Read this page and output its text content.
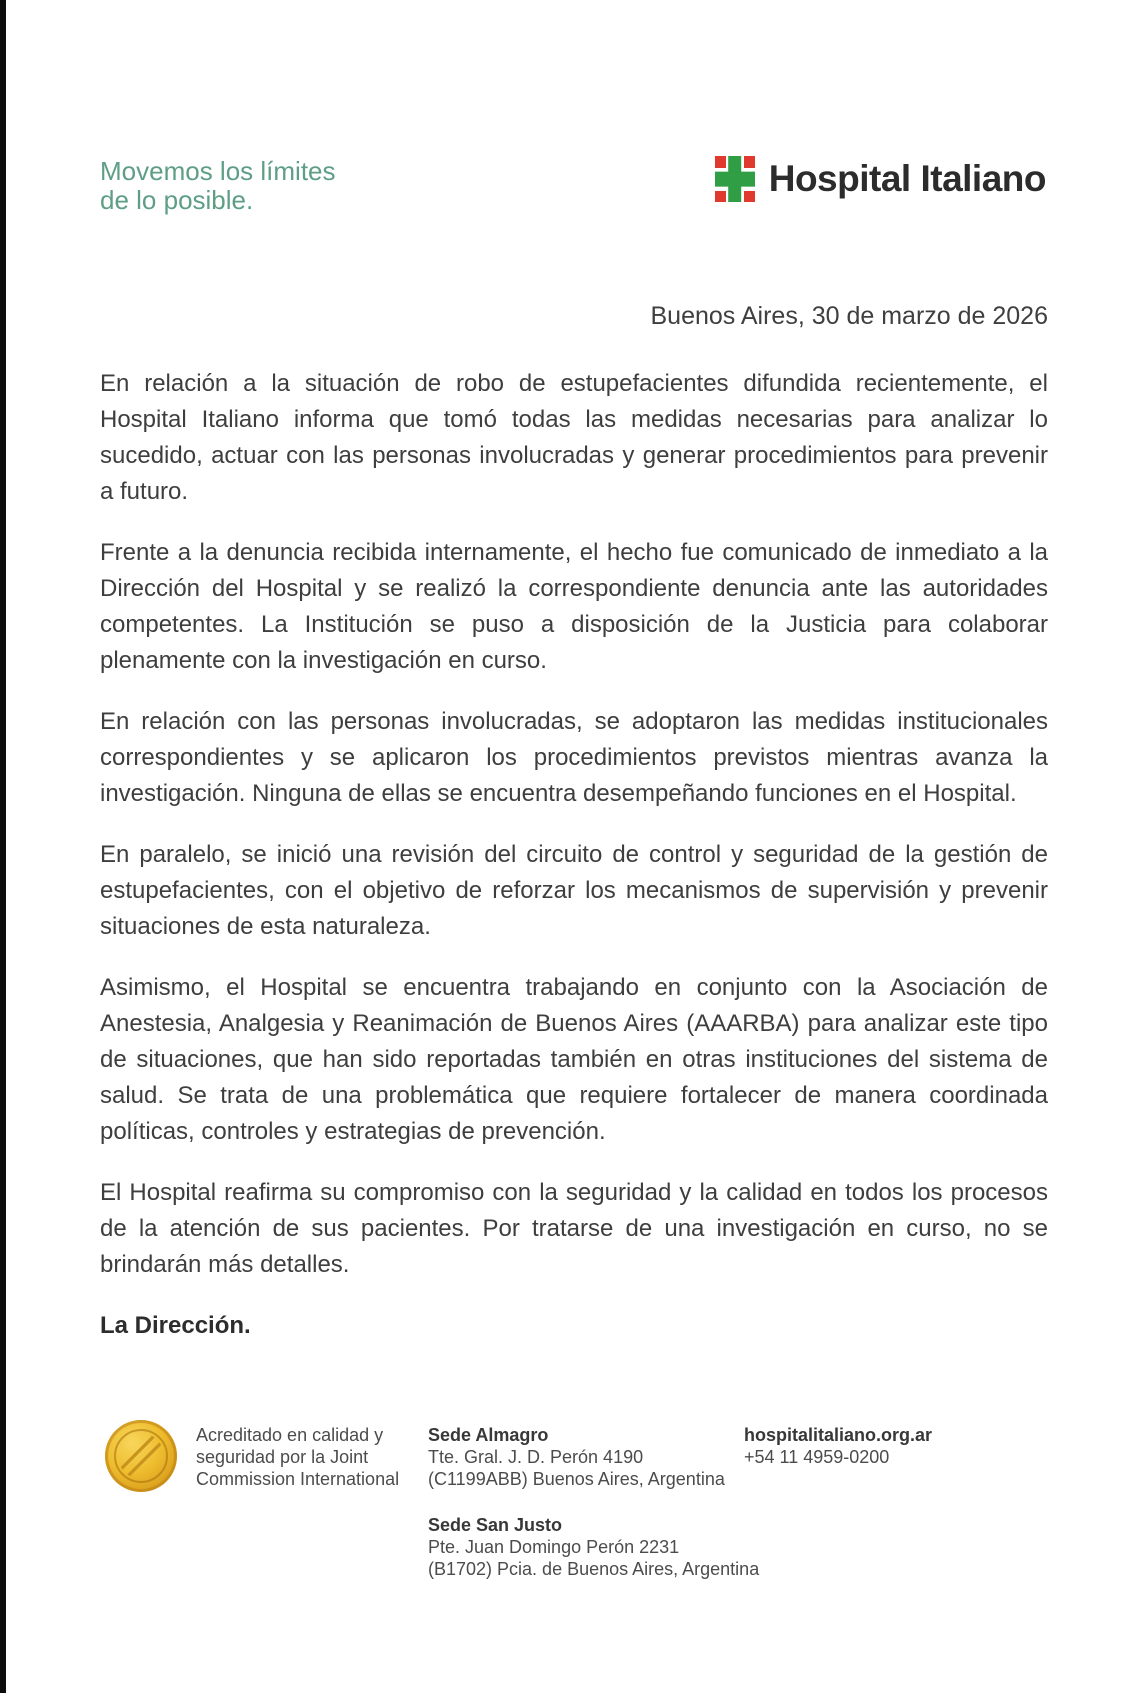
Movemos los límites
de lo posible.
Hospital Italiano
Buenos Aires, 30 de marzo de 2026

En relación a la situación de robo de estupefacientes difundida recientemente, el Hospital Italiano informa que tomó todas las medidas necesarias para analizar lo sucedido, actuar con las personas involucradas y generar procedimientos para prevenir a futuro.

Frente a la denuncia recibida internamente, el hecho fue comunicado de inmediato a la Dirección del Hospital y se realizó la correspondiente denuncia ante las autoridades competentes. La Institución se puso a disposición de la Justicia para colaborar plenamente con la investigación en curso.

En relación con las personas involucradas, se adoptaron las medidas institucionales correspondientes y se aplicaron los procedimientos previstos mientras avanza la investigación. Ninguna de ellas se encuentra desempeñando funciones en el Hospital.

En paralelo, se inició una revisión del circuito de control y seguridad de la gestión de estupefacientes, con el objetivo de reforzar los mecanismos de supervisión y prevenir situaciones de esta naturaleza.

Asimismo, el Hospital se encuentra trabajando en conjunto con la Asociación de Anestesia, Analgesia y Reanimación de Buenos Aires (AAARBA) para analizar este tipo de situaciones, que han sido reportadas también en otras instituciones del sistema de salud. Se trata de una problemática que requiere fortalecer de manera coordinada políticas, controles y estrategias de prevención.

El Hospital reafirma su compromiso con la seguridad y la calidad en todos los procesos de la atención de sus pacientes. Por tratarse de una investigación en curso, no se brindarán más detalles.

La Dirección.

Acreditado en calidad y
seguridad por la Joint
Commission International
Sede Almagro
Tte. Gral. J. D. Perón 4190
(C1199ABB) Buenos Aires, Argentina
Sede San Justo
Pte. Juan Domingo Perón 2231
(B1702) Pcia. de Buenos Aires, Argentina
hospitalitaliano.org.ar
+54 11 4959-0200
